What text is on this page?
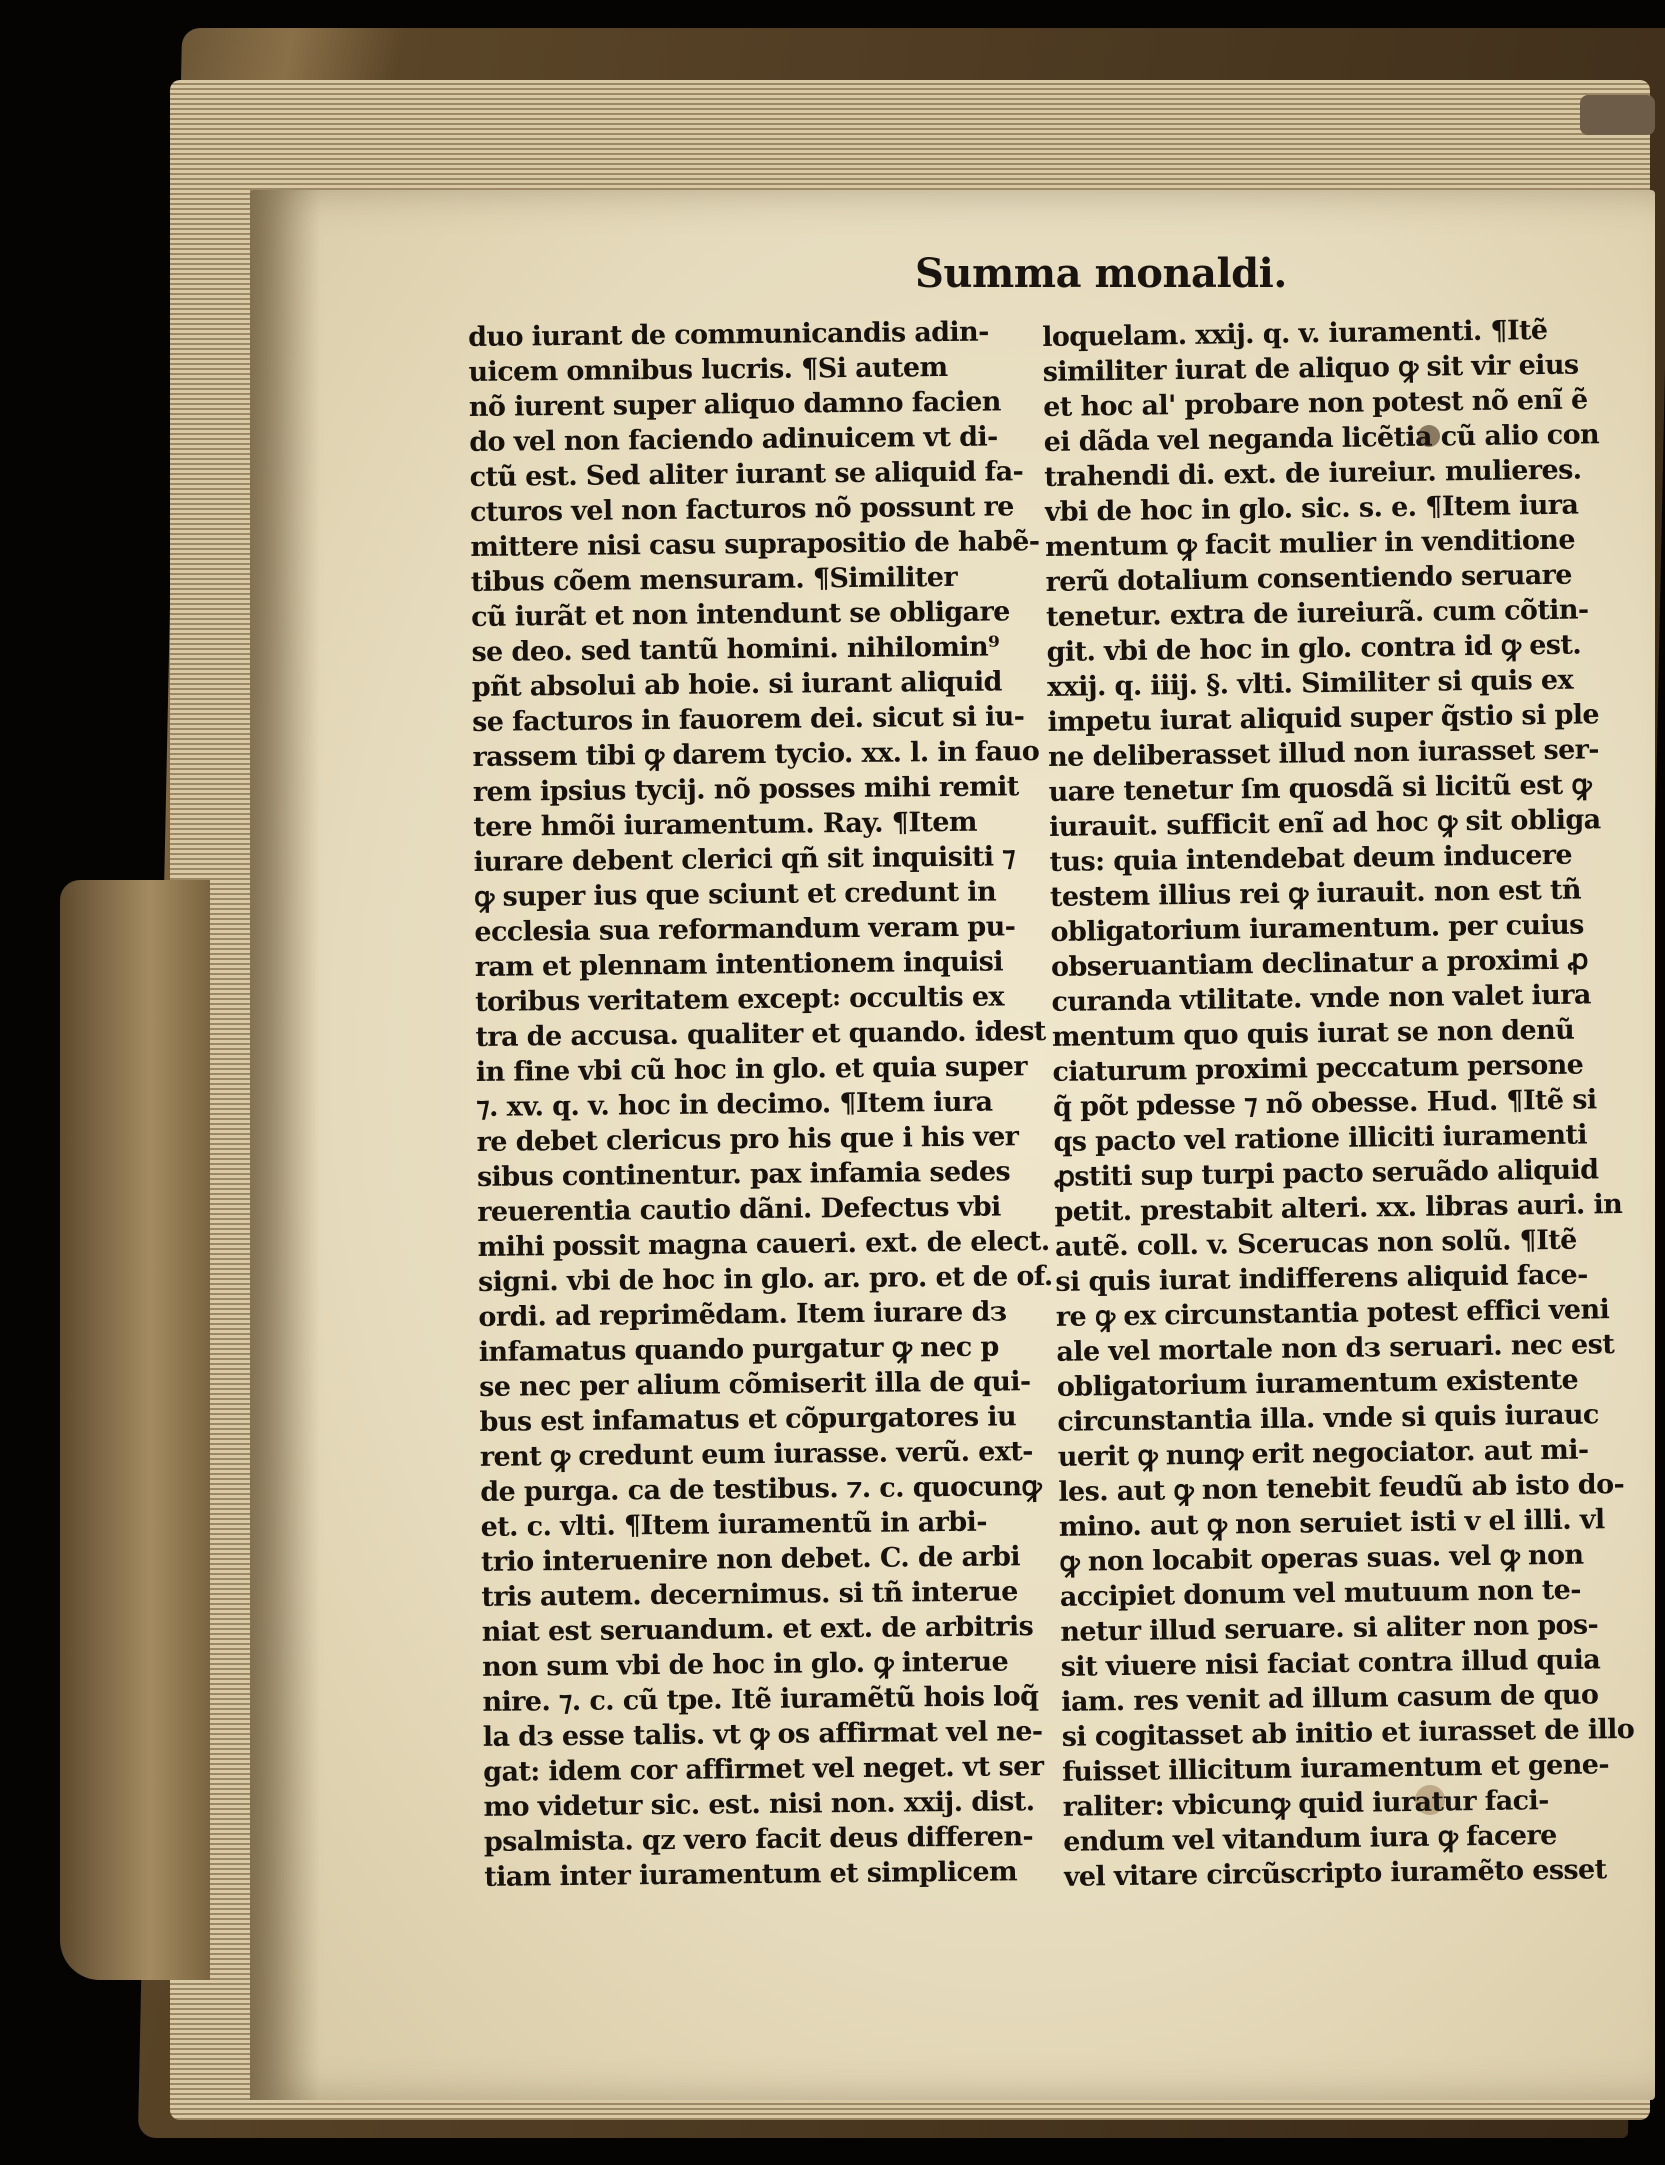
Summa monaldi.
duo iurant de communicandis adin-
uicem omnibus lucris. ¶Si autem
nõ iurent super aliquo damno facien
do vel non faciendo adinuicem vt di-
ctũ est. Sed aliter iurant se aliquid fa-
cturos vel non facturos nõ possunt re
mittere nisi casu suprapositio de habẽ-
tibus cõem mensuram. ¶Similiter
cũ iurãt et non intendunt se obligare
se deo. sed tantũ homini. nihilomin⁹
pñt absolui ab hoie. si iurant aliquid
se facturos in fauorem dei. sicut si iu-
rassem tibi ꝙ darem tycio. xx. l. in fauo
rem ipsius tycij. nõ posses mihi remit
tere hmõi iuramentum. Ray. ¶Item
iurare debent clerici qñ sit inquisiti ⁊
ꝙ super ius que sciunt et credunt in
ecclesia sua reformandum veram pu-
ram et plennam intentionem inquisi
toribus veritatem except꞉ occultis ex
tra de accusa. qualiter et quando. idest
in fine vbi cũ hoc in glo. et quia super
⁊. xv. q. v. hoc in decimo. ¶Item iura
re debet clericus pro his que i his ver
sibus continentur. pax infamia sedes
reuerentia cautio dãni. Defectus vbi
mihi possit magna caueri. ext. de elect.
signi. vbi de hoc in glo. ar. pro. et de of.
ordi. ad reprimẽdam. Item iurare dз
infamatus quando purgatur ꝙ nec p
se nec per alium cõmiserit illa de qui-
bus est infamatus et cõpurgatores iu
rent ꝙ credunt eum iurasse. verũ. ext-
de purga. ca de testibus. ⁊. c. quocunꝙ
et. c. vlti. ¶Item iuramentũ in arbi-
trio interuenire non debet. C. de arbi
tris autem. decernimus. si tñ interue
niat est seruandum. et ext. de arbitris
non sum vbi de hoc in glo. ꝙ interue
nire. ⁊. c. cũ tpe. Itẽ iuramẽtũ hois loq̃
la dз esse talis. vt ꝙ os affirmat vel ne-
gat: idem cor affirmet vel neget. vt ser
mo videtur sic. est. nisi non. xxij. dist.
psalmista. qz vero facit deus differen-
tiam inter iuramentum et simplicem
loquelam. xxij. q. v. iuramenti. ¶Itẽ
similiter iurat de aliquo ꝙ sit vir eius
et hoc al' probare non potest nõ enĩ ẽ
ei dãda vel neganda licẽtia cũ alio con
trahendi di. ext. de iureiur. mulieres.
vbi de hoc in glo. sic. s. e. ¶Item iura
mentum ꝙ facit mulier in venditione
rerũ dotalium consentiendo seruare
tenetur. extra de iureiurã. cum cõtin-
git. vbi de hoc in glo. contra id ꝙ est.
xxij. q. iiij. §. vlti. Similiter si quis ex
impetu iurat aliquid super q̃stio si ple
ne deliberasset illud non iurasset ser-
uare tenetur ſm quosdã si licitũ est ꝙ
iurauit. sufficit enĩ ad hoc ꝙ sit obliga
tus: quia intendebat deum inducere
testem illius rei ꝙ iurauit. non est tñ
obligatorium iuramentum. per cuius
obseruantiam declinatur a proximi ꝓ
curanda vtilitate. vnde non valet iura
mentum quo quis iurat se non denũ
ciaturum proximi peccatum persone
q̃ põt pdesse ⁊ nõ obesse. Hud. ¶Itẽ si
qs pacto vel ratione illiciti iuramenti
ꝓstiti sup turpi pacto seruãdo aliquid
petit. prestabit alteri. xx. libras auri. in
autẽ. coll. v. Scerucas non solũ. ¶Itẽ
si quis iurat indifferens aliquid face-
re ꝙ ex circunstantia potest effici veni
ale vel mortale non dз seruari. nec est
obligatorium iuramentum existente
circunstantia illa. vnde si quis iurauc
uerit ꝙ nunꝙ erit negociator. aut mi-
les. aut ꝙ non tenebit feudũ ab isto do-
mino. aut ꝙ non seruiet isti v el illi. vl
ꝙ non locabit operas suas. vel ꝙ non
accipiet donum vel mutuum non te-
netur illud seruare. si aliter non pos-
sit viuere nisi faciat contra illud quia
iam. res venit ad illum casum de quo
si cogitasset ab initio et iurasset de illo
fuisset illicitum iuramentum et gene-
raliter: vbicunꝙ quid iuratur faci-
endum vel vitandum iura ꝙ facere
vel vitare circũscripto iuramẽto esset
